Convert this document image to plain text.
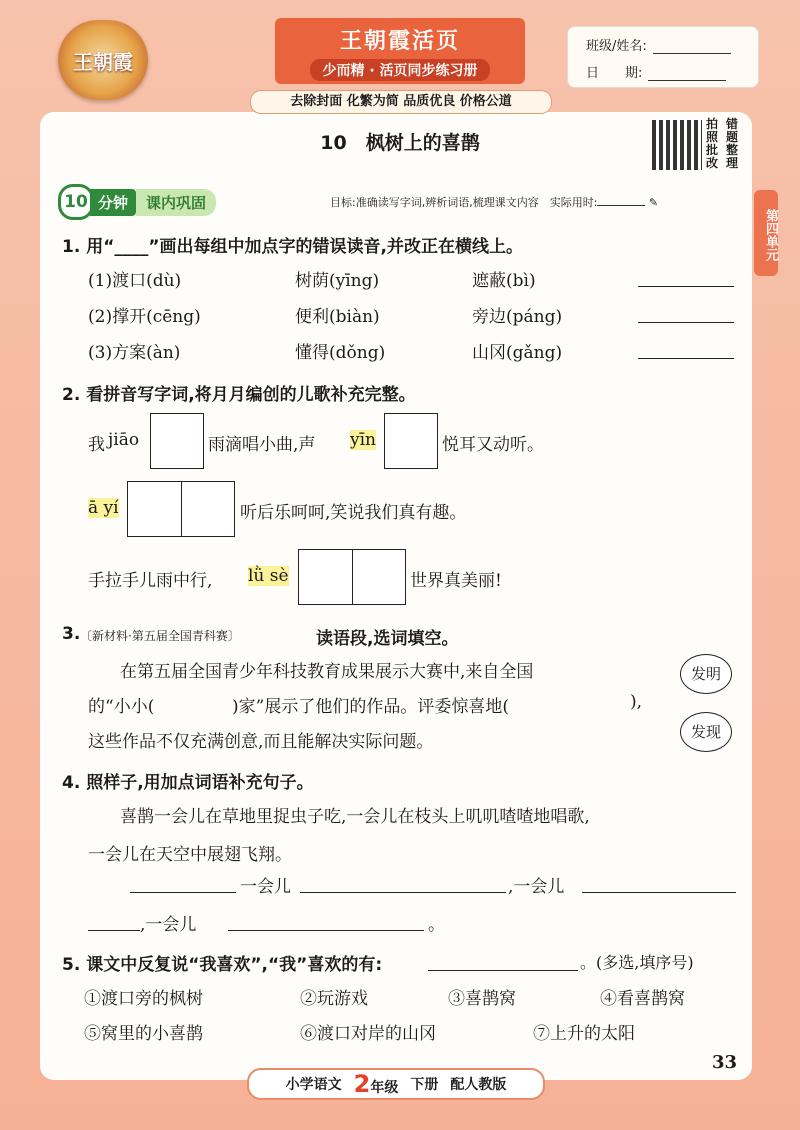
王朝霞
王朝霞活页
少而精 · 活页同步练习册
去除封面 化繁为简 品质优良 价格公道
班级/姓名:
日　　期:
10　枫树上的喜鹊
拍 错
照 题
批 整
改 理
第四单元
10 分钟	课内巩固	目标:准确读写字词,辨析词语,梳理课文内容　实际用时:	✎
1. 用“____”画出每组中加点字的错误读音,并改正在横线上。
(1)渡口(dù)	树荫(yīng)	遮蔽(bì)
(2)撑开(cēng)	便利(biàn)	旁边(páng)
(3)方案(àn)	懂得(dǒng)	山冈(gǎng)
2. 看拼音写字词,将月月编创的儿歌补充完整。
我 jiāo	雨滴唱小曲,声 yīn	悦耳又动听。
ā yí	听后乐呵呵,笑说我们真有趣。
手拉手儿雨中行, lǜ sè	世界真美丽!
3. 〔新材料·第五届全国青科赛〕	读语段,选词填空。
在第五届全国青少年科技教育成果展示大赛中,来自全国
的“小小(	)家”展示了他们的作品。评委惊喜地(	),
这些作品不仅充满创意,而且能解决实际问题。
发明
发现
4. 照样子,用加点词语补充句子。
喜鹊一会儿在草地里捉虫子吃,一会儿在枝头上叽叽喳喳地唱歌,
一会儿在天空中展翅飞翔。
一会儿	,一会儿
,一会儿	。
5. 课文中反复说“我喜欢”,“我”喜欢的有:	。(多选,填序号)
①渡口旁的枫树	②玩游戏	③喜鹊窝	④看喜鹊窝
⑤窝里的小喜鹊	⑥渡口对岸的山冈	⑦上升的太阳
33
小学语文 2年级 下册 配人教版
